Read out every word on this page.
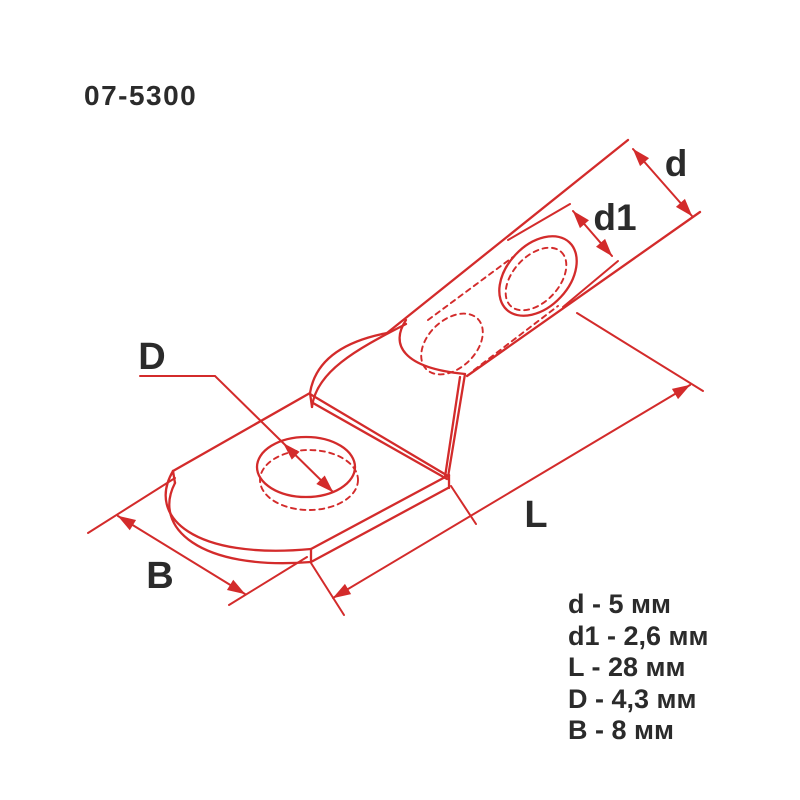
07-5300
d
d1
D
L
B
d - 5 мм
d1 - 2,6 мм
L - 28 мм
D - 4,3 мм
B - 8 мм
